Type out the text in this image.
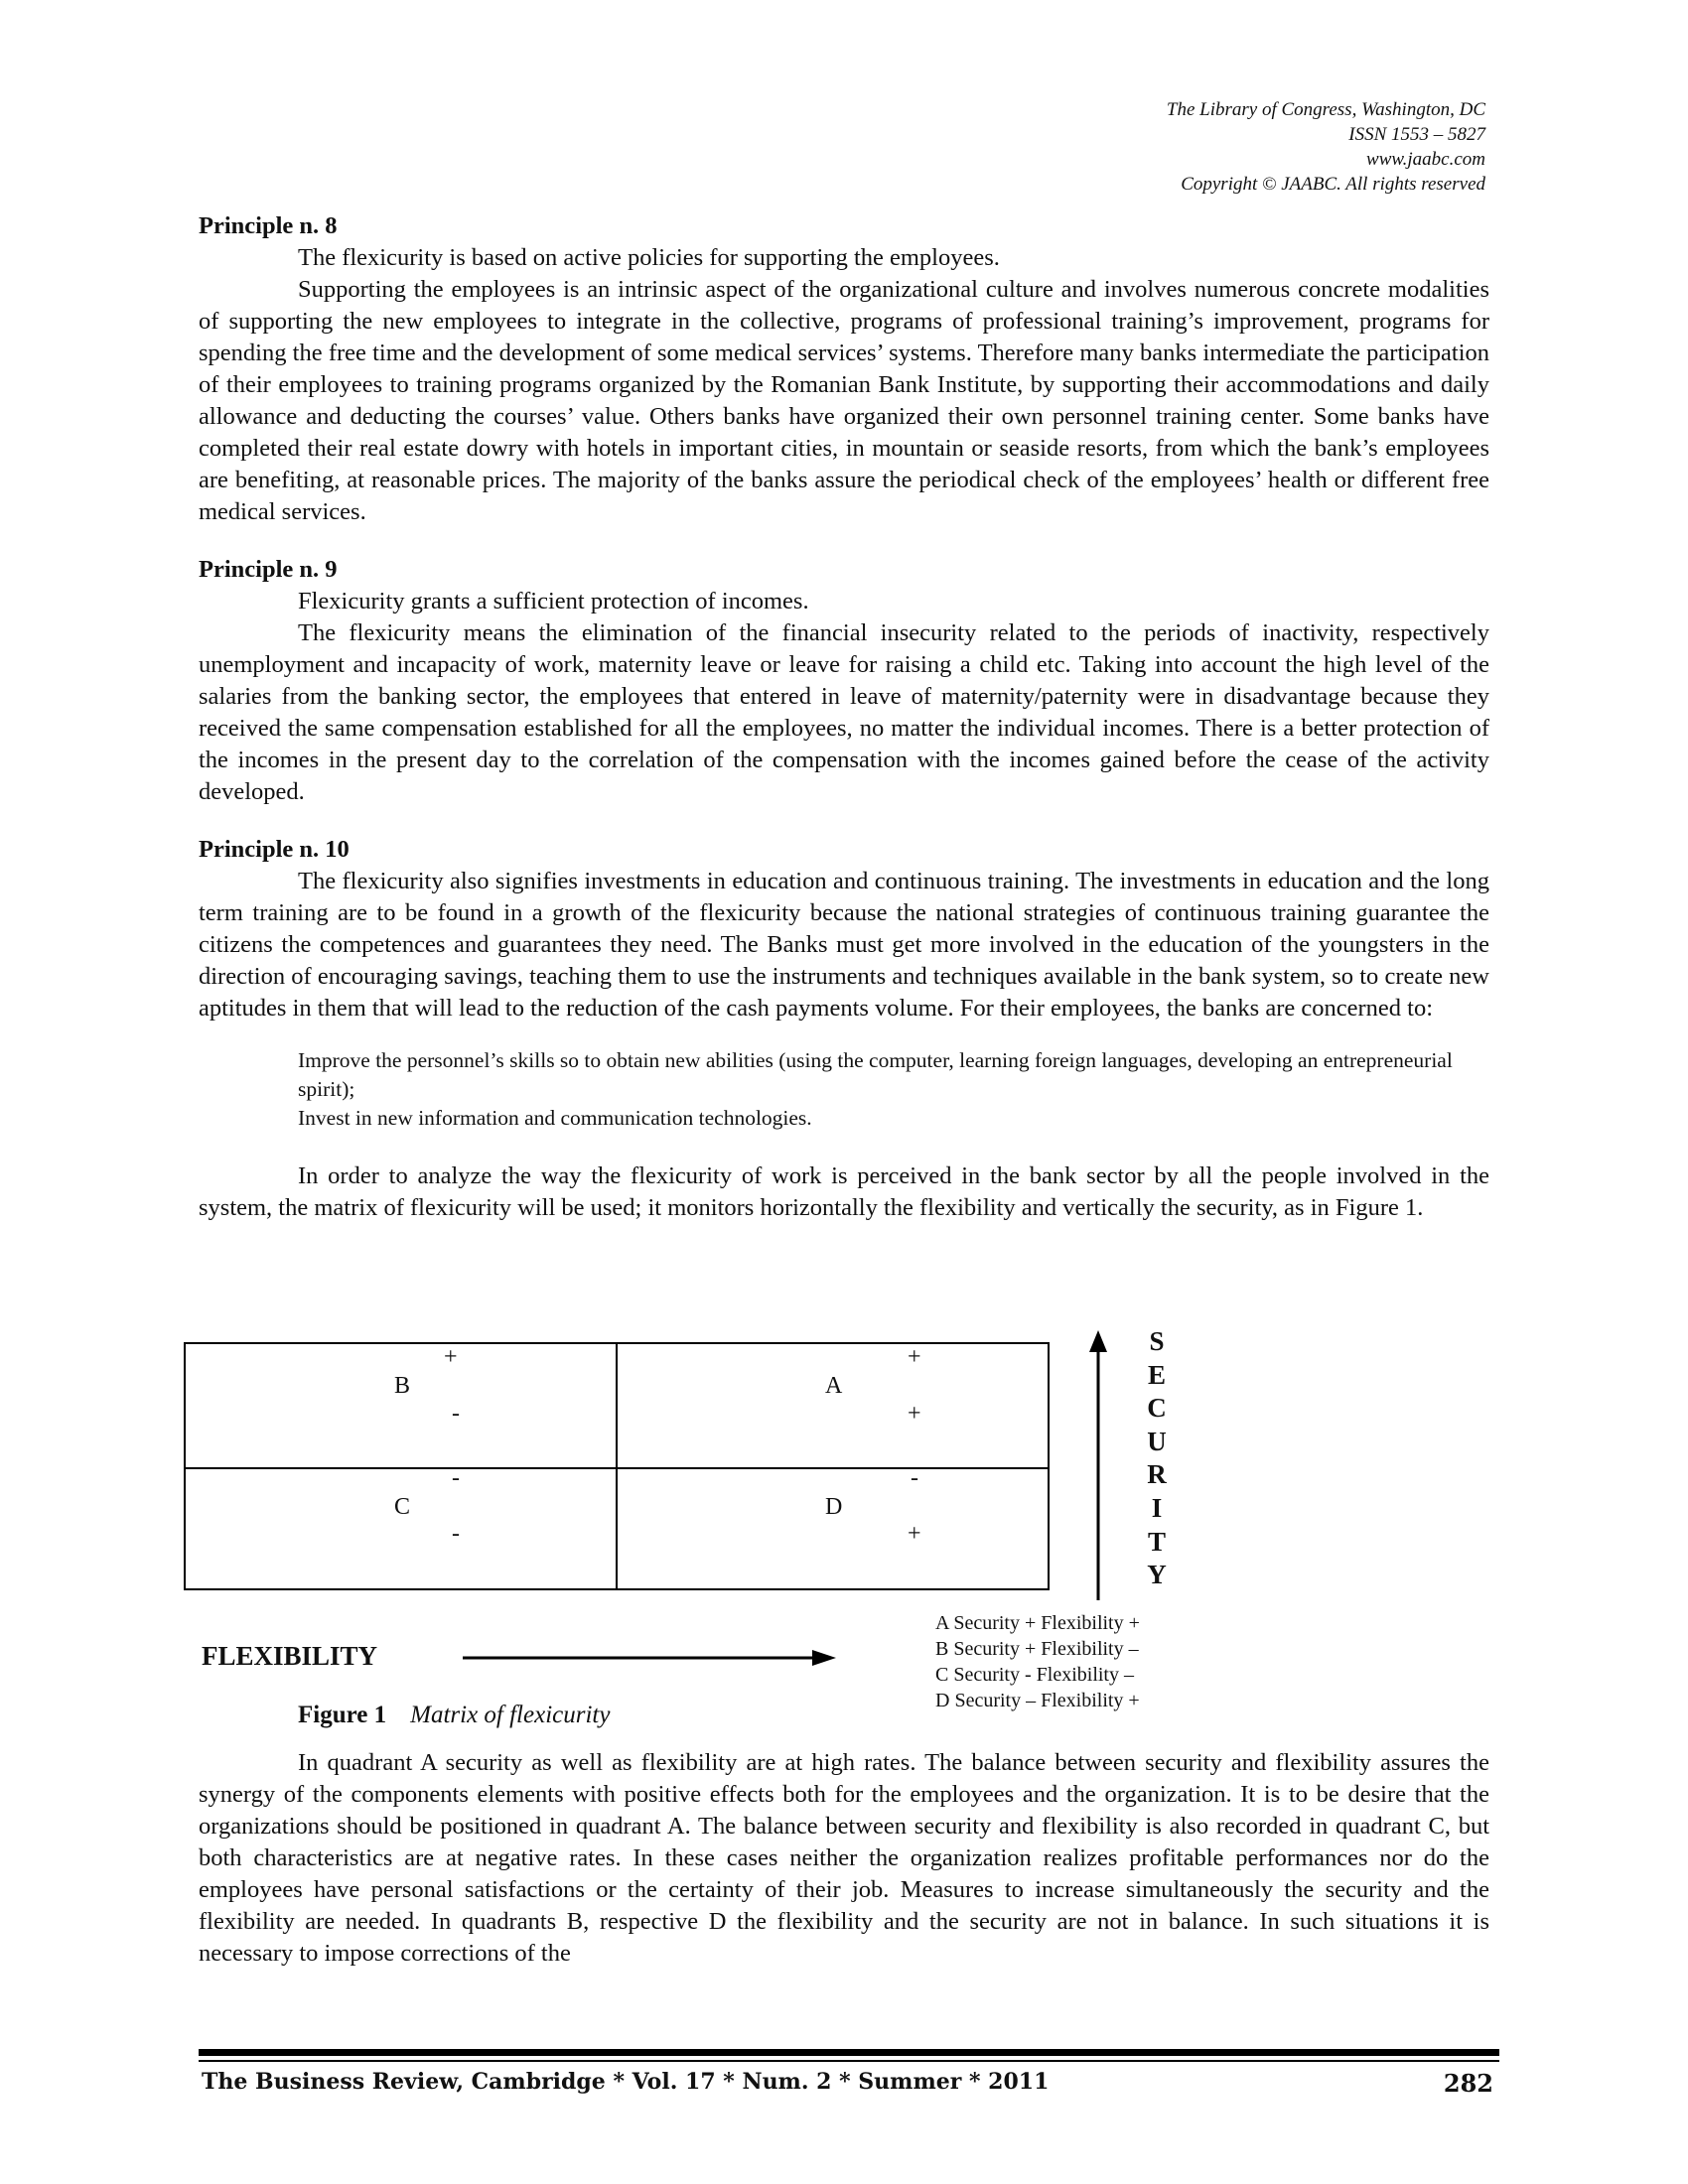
The Library of Congress, Washington, DC
ISSN 1553 – 5827
www.jaabc.com
Copyright © JAABC. All rights reserved

Principle n. 8

The flexicurity is based on active policies for supporting the employees.

Supporting the employees is an intrinsic aspect of the organizational culture and involves numerous concrete modalities of supporting the new employees to integrate in the collective, programs of professional training’s improvement, programs for spending the free time and the development of some medical services’ systems. Therefore many banks intermediate the participation of their employees to training programs organized by the Romanian Bank Institute, by supporting their accommodations and daily allowance and deducting the courses’ value. Others banks have organized their own personnel training center. Some banks have completed their real estate dowry with hotels in important cities, in mountain or seaside resorts, from which the bank’s employees are benefiting, at reasonable prices. The majority of the banks assure the periodical check of the employees’ health or different free medical services.

Principle n. 9

Flexicurity grants a sufficient protection of incomes.

The flexicurity means the elimination of the financial insecurity related to the periods of inactivity, respectively unemployment and incapacity of work, maternity leave or leave for raising a child etc. Taking into account the high level of the salaries from the banking sector, the employees that entered in leave of maternity/paternity were in disadvantage because they received the same compensation established for all the employees, no matter the individual incomes. There is a better protection of the incomes in the present day to the correlation of the compensation with the incomes gained before the cease of the activity developed.

Principle n. 10

The flexicurity also signifies investments in education and continuous training. The investments in education and the long term training are to be found in a growth of the flexicurity because the national strategies of continuous training guarantee the citizens the competences and guarantees they need. The Banks must get more involved in the education of the youngsters in the direction of encouraging savings, teaching them to use the instruments and techniques available in the bank system, so to create new aptitudes in them that will lead to the reduction of the cash payments volume. For their employees, the banks are concerned to:

Improve the personnel’s skills so to obtain new abilities (using the computer, learning foreign languages, developing an entrepreneurial spirit);
Invest in new information and communication technologies.

In order to analyze the way the flexicurity of work is perceived in the bank sector by all the people involved in the system, the matrix of flexicurity will be used; it monitors horizontally the flexibility and vertically the security, as in Figure 1.

+
B
-
+
A
+
-
C
-
-
D
+
S
E
C
U
R
I
T
Y
FLEXIBILITY
A Security + Flexibility +
B Security + Flexibility –
C Security - Flexibility –
D Security – Flexibility +
Figure 1 Matrix of flexicurity

In quadrant A security as well as flexibility are at high rates. The balance between security and flexibility assures the synergy of the components elements with positive effects both for the employees and the organization. It is to be desire that the organizations should be positioned in quadrant A. The balance between security and flexibility is also recorded in quadrant C, but both characteristics are at negative rates. In these cases neither the organization realizes profitable performances nor do the employees have personal satisfactions or the certainty of their job. Measures to increase simultaneously the security and the flexibility are needed. In quadrants B, respective D the flexibility and the security are not in balance. In such situations it is necessary to impose corrections of the

The Business Review, Cambridge * Vol. 17 * Num. 2 * Summer * 2011	282
